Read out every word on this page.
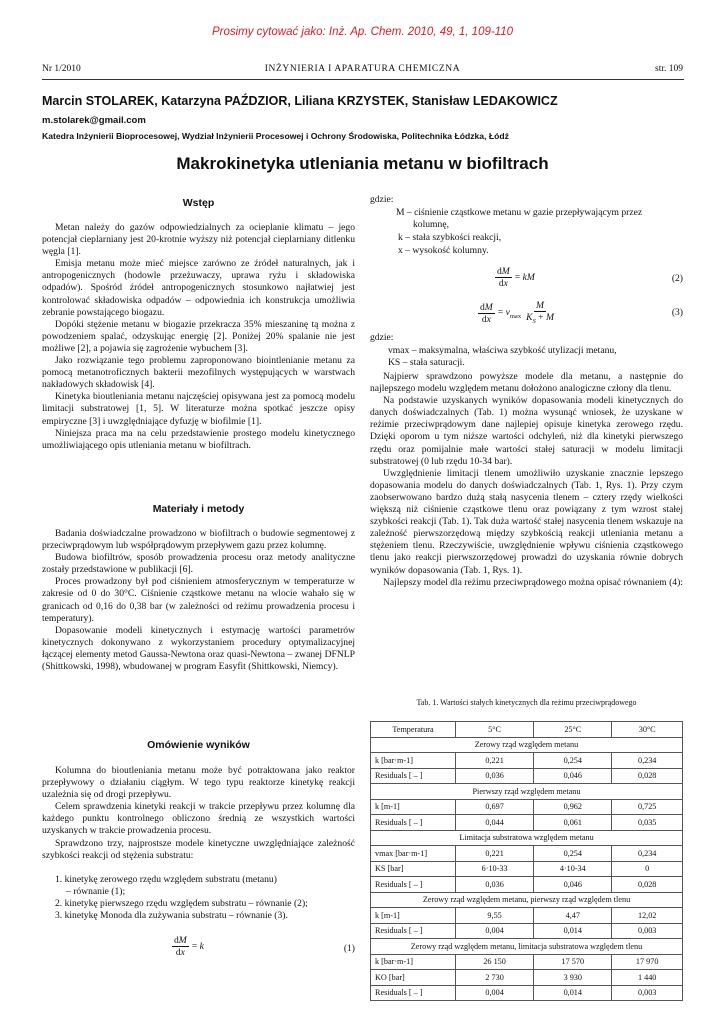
Prosimy cytować jako: Inż. Ap. Chem. 2010, 49, 1, 109-110
Nr 1/2010	INŻYNIERIA I APARATURA CHEMICZNA	str. 109
Marcin STOLAREK, Katarzyna PAŹDZIOR, Liliana KRZYSTEK, Stanisław LEDAKOWICZ
m.stolarek@gmail.com
Katedra Inżynierii Bioprocesowej, Wydział Inżynierii Procesowej i Ochrony Środowiska, Politechnika Łódzka, Łódź
Makrokinetyka utleniania metanu w biofiltrach
Wstęp

Metan należy do gazów odpowiedzialnych za ocieplanie klimatu – jego potencjał cieplarniany jest 20-krotnie wyższy niż potencjał cieplarniany ditlenku węgla [1].

Emisja metanu może mieć miejsce zarówno ze źródeł naturalnych, jak i antropogenicznych (hodowle przeżuwaczy, uprawa ryżu i składowiska odpadów). Spośród źródeł antropogenicznych stosunkowo najłatwiej jest kontrolować składowiska odpadów – odpowiednia ich konstrukcja umożliwia zebranie powstającego biogazu.

Dopóki stężenie metanu w biogazie przekracza 35% mieszaninę tą można z powodzeniem spalać, odzyskując energię [2]. Poniżej 20% spalanie nie jest możliwe [2], a pojawia się zagrożenie wybuchem [3].

Jako rozwiązanie tego problemu zaproponowano biointlenianie metanu za pomocą metanotroficznych bakterii mezofilnych występujących w warstwach nakładowych składowisk [4].

Kinetyka bioutleniania metanu najczęściej opisywana jest za pomocą modelu limitacji substratowej [1, 5]. W literaturze można spotkać jeszcze opisy empiryczne [3] i uwzględniające dyfuzję w biofilmie [1].

Niniejsza praca ma na celu przedstawienie prostego modelu kinetycznego umożliwiającego opis utleniania metanu w biofiltrach.

Materiały i metody

Badania doświadczalne prowadzono w biofiltrach o budowie segmentowej z przeciwprądowym lub współprądowym przepływem gazu przez kolumnę.

Budowa biofiltrów, sposób prowadzenia procesu oraz metody analityczne zostały przedstawione w publikacji [6].

Proces prowadzony był pod ciśnieniem atmosferycznym w temperaturze w zakresie od 0 do 30°C. Ciśnienie cząstkowe metanu na wlocie wahało się w granicach od 0,16 do 0,38 bar (w zależności od reżimu prowadzenia procesu i temperatury).

Dopasowanie modeli kinetycznych i estymację wartości parametrów kinetycznych dokonywano z wykorzystaniem procedury optymalizacyjnej łączącej elementy metod Gaussa-Newtona oraz quasi-Newtona – zwanej DFNLP (Shittkowski, 1998), wbudowanej w program Easyfit (Shittkowski, Niemcy).

Omówienie wyników

Kolumna do bioutleniania metanu może być potraktowana jako reaktor przepływowy o działaniu ciągłym. W tego typu reaktorze kinetykę reakcji uzależnia się od drogi przepływu.

Celem sprawdzenia kinetyki reakcji w trakcie przepływu przez kolumnę dla każdego punktu kontrolnego obliczono średnią ze wszystkich wartości uzyskanych w trakcie prowadzenia procesu.

Sprawdzono trzy, najprostsze modele kinetyczne uwzględniające zależność szybkości reakcji od stężenia substratu:

1. kinetykę zerowego rzędu względem substratu (metanu)
– równanie (1);
2. kinetykę pierwszego rzędu względem substratu – równanie (2);
3. kinetykę Monoda dla zużywania substratu – równanie (3).
$\frac{dM}{dx} = k$	(1)
gdzie:
M – ciśnienie cząstkowe metanu w gazie przepływającym przez
kolumnę,
k – stała szybkości reakcji,
x – wysokość kolumny.
$\frac{dM}{dx}$ = kM	(2)
$\frac{dM}{dx} = v_{max} \frac{M}{K_S + M}$	(3)
gdzie:
vmax – maksymalna, właściwa szybkość utylizacji metanu,
KS – stała saturacji.

Najpierw sprawdzono powyższe modele dla metanu, a następnie do najlepszego modelu względem metanu dołożono analogiczne człony dla tlenu.

Na podstawie uzyskanych wyników dopasowania modeli kinetycznych do danych doświadczalnych (Tab. 1) można wysunąć wniosek, że uzyskane w reżimie przeciwprądowym dane najlepiej opisuje kinetyka zerowego rzędu. Dzięki oporom u tym niższe wartości odchyleń, niż dla kinetyki pierwszego rzędu oraz pomijalnie małe wartości stałej saturacji w modelu limitacji substratowej (0 lub rzędu 10-34 bar).

Uwzględnienie limitacji tlenem umożliwiło uzyskanie znacznie lepszego dopasowania modelu do danych doświadczalnych (Tab. 1, Rys. 1). Przy czym zaobserwowano bardzo dużą stałą nasycenia tlenem – cztery rzędy wielkości większą niż ciśnienie cząstkowe tlenu oraz powiązany z tym wzrost stałej szybkości reakcji (Tab. 1). Tak duża wartość stałej nasycenia tlenem wskazuje na zależność pierwszorzędową między szybkością reakcji utleniania metanu a stężeniem tlenu. Rzeczywiście, uwzględnienie wpływu ciśnienia cząstkowego tlenu jako reakcji pierwszorzędowej prowadzi do uzyskania równie dobrych wyników dopasowania (Tab. 1, Rys. 1).

Najlepszy model dla reżimu przeciwprądowego można opisać równaniem (4):

Tab. 1. Wartości stałych kinetycznych dla reżimu przeciwprądowego
Temperatura	5°C	25°C	30°C
Zerowy rząd względem metanu			
k [bar·m-1]	0,221	0,254	0,234
Residuals [ – ]	0,036	0,046	0,028
Pierwszy rząd względem metanu			
k [m-1]	0,697	0,962	0,725
Residuals [ – ]	0,044	0,061	0,035
Limitacja substratowa względem metanu			
vmax [bar·m-1]	0,221	0,254	0,234
KS [bar]	6·10-33	4·10-34	0
Residuals [ – ]	0,036	0,046	0,028
Zerowy rząd względem metanu, pierwszy rząd względem tlenu			
k [m-1]	9,55	4,47	12,02
Residuals [ – ]	0,004	0,014	0,003
Zerowy rząd względem metanu, limitacja substratowa względem tlenu			
k [bar·m-1]	26 150	17 570	17 970
KO [bar]	2 730	3 930	1 440
Residuals [ – ]	0,004	0,014	0,003
